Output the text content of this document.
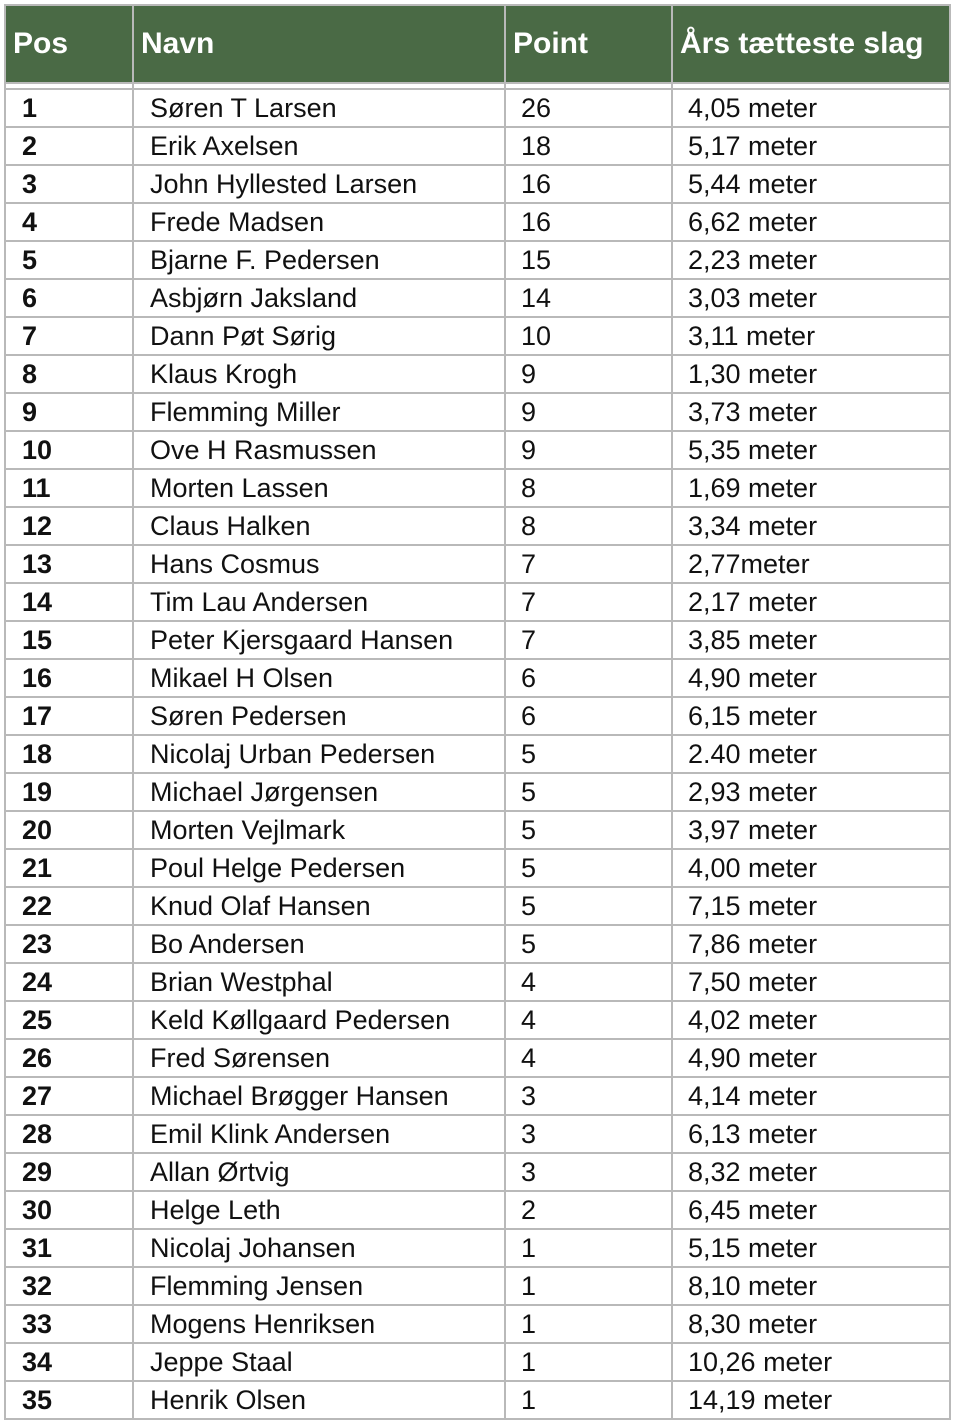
Pos	Navn	Point	Års tætteste slag

1	Søren T Larsen	26	4,05 meter
2	Erik Axelsen	18	5,17 meter
3	John Hyllested Larsen	16	5,44 meter
4	Frede Madsen	16	6,62 meter
5	Bjarne F. Pedersen	15	2,23 meter
6	Asbjørn Jaksland	14	3,03 meter
7	Dann Pøt Sørig	10	3,11 meter
8	Klaus Krogh	9	1,30 meter
9	Flemming Miller	9	3,73 meter
10	Ove H Rasmussen	9	5,35 meter
11	Morten Lassen	8	1,69 meter
12	Claus Halken	8	3,34 meter
13	Hans Cosmus	7	2,77meter
14	Tim Lau Andersen	7	2,17 meter
15	Peter Kjersgaard Hansen	7	3,85 meter
16	Mikael H Olsen	6	4,90 meter
17	Søren Pedersen	6	6,15 meter
18	Nicolaj Urban Pedersen	5	2.40 meter
19	Michael Jørgensen	5	2,93 meter
20	Morten Vejlmark	5	3,97 meter
21	Poul Helge Pedersen	5	4,00 meter
22	Knud Olaf Hansen	5	7,15 meter
23	Bo Andersen	5	7,86 meter
24	Brian Westphal	4	7,50 meter
25	Keld Køllgaard Pedersen	4	4,02 meter
26	Fred Sørensen	4	4,90 meter
27	Michael Brøgger Hansen	3	4,14 meter
28	Emil Klink Andersen	3	6,13 meter
29	Allan Ørtvig	3	8,32 meter
30	Helge Leth	2	6,45 meter
31	Nicolaj Johansen	1	5,15 meter
32	Flemming Jensen	1	8,10 meter
33	Mogens Henriksen	1	8,30 meter
34	Jeppe Staal	1	10,26 meter
35	Henrik Olsen	1	14,19 meter
